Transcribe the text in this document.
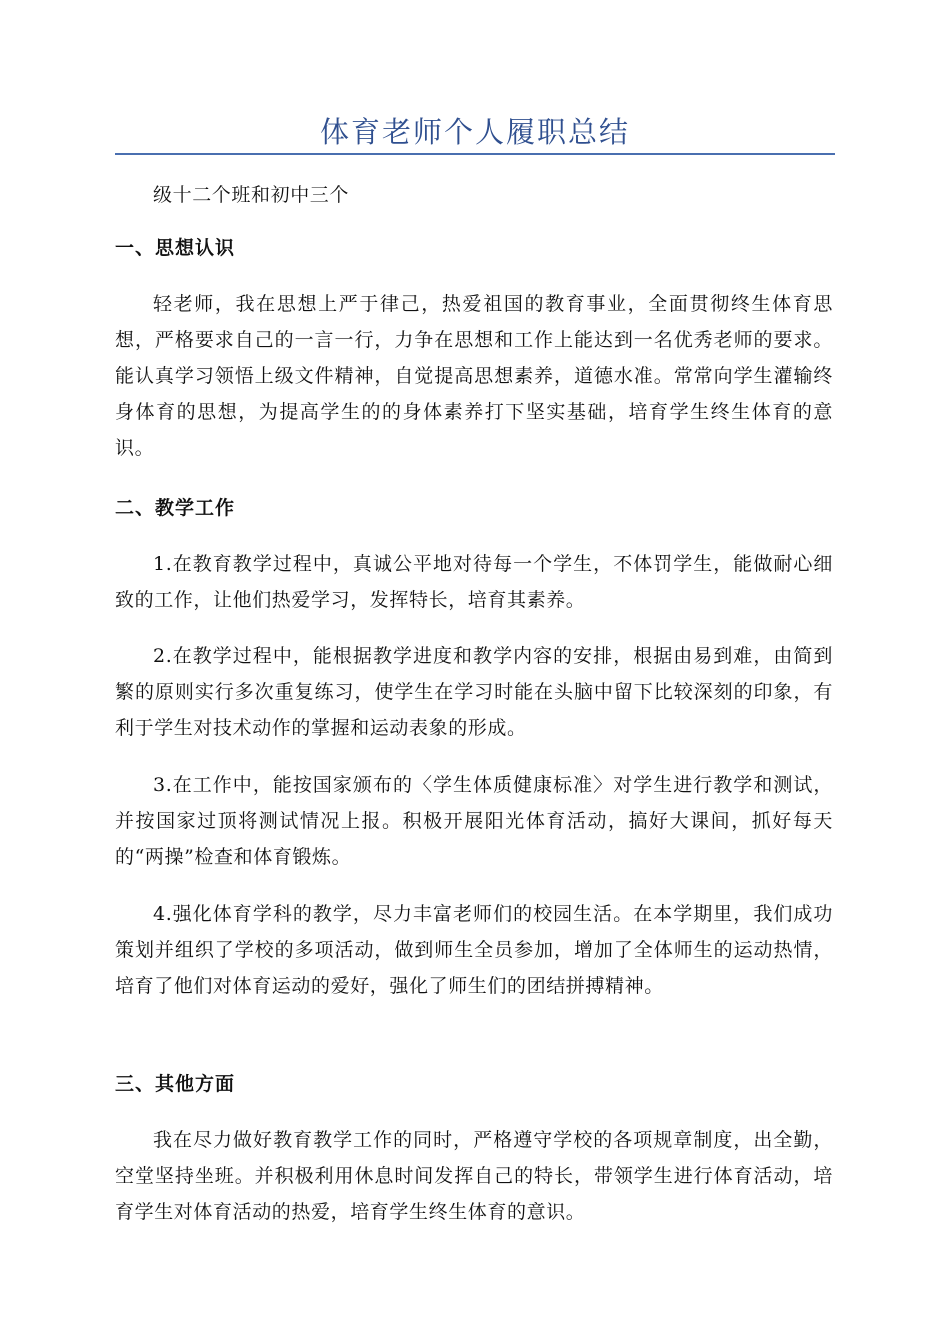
体育老师个人履职总结

级十二个班和初中三个

一、思想认识

轻老师，我在思想上严于律己，热爱祖国的教育事业，全面贯彻终生体育思想，严格要求自己的一言一行，力争在思想和工作上能达到一名优秀老师的要求。能认真学习领悟上级文件精神，自觉提高思想素养，道德水准。常常向学生灌输终身体育的思想，为提高学生的的身体素养打下坚实基础，培育学生终生体育的意识。

二、教学工作

1.在教育教学过程中，真诚公平地对待每一个学生，不体罚学生，能做耐心细致的工作，让他们热爱学习，发挥特长，培育其素养。

2.在教学过程中，能根据教学进度和教学内容的安排，根据由易到难，由简到繁的原则实行多次重复练习，使学生在学习时能在头脑中留下比较深刻的印象，有利于学生对技术动作的掌握和运动表象的形成。

3.在工作中，能按国家颁布的〈学生体质健康标准〉对学生进行教学和测试，并按国家过顶将测试情况上报。积极开展阳光体育活动，搞好大课间，抓好每天的“两操”检查和体育锻炼。

4.强化体育学科的教学，尽力丰富老师们的校园生活。在本学期里，我们成功策划并组织了学校的多项活动，做到师生全员参加，增加了全体师生的运动热情，培育了他们对体育运动的爱好，强化了师生们的团结拼搏精神。

三、其他方面

我在尽力做好教育教学工作的同时，严格遵守学校的各项规章制度，出全勤，空堂坚持坐班。并积极利用休息时间发挥自己的特长，带领学生进行体育活动，培育学生对体育活动的热爱，培育学生终生体育的意识。
